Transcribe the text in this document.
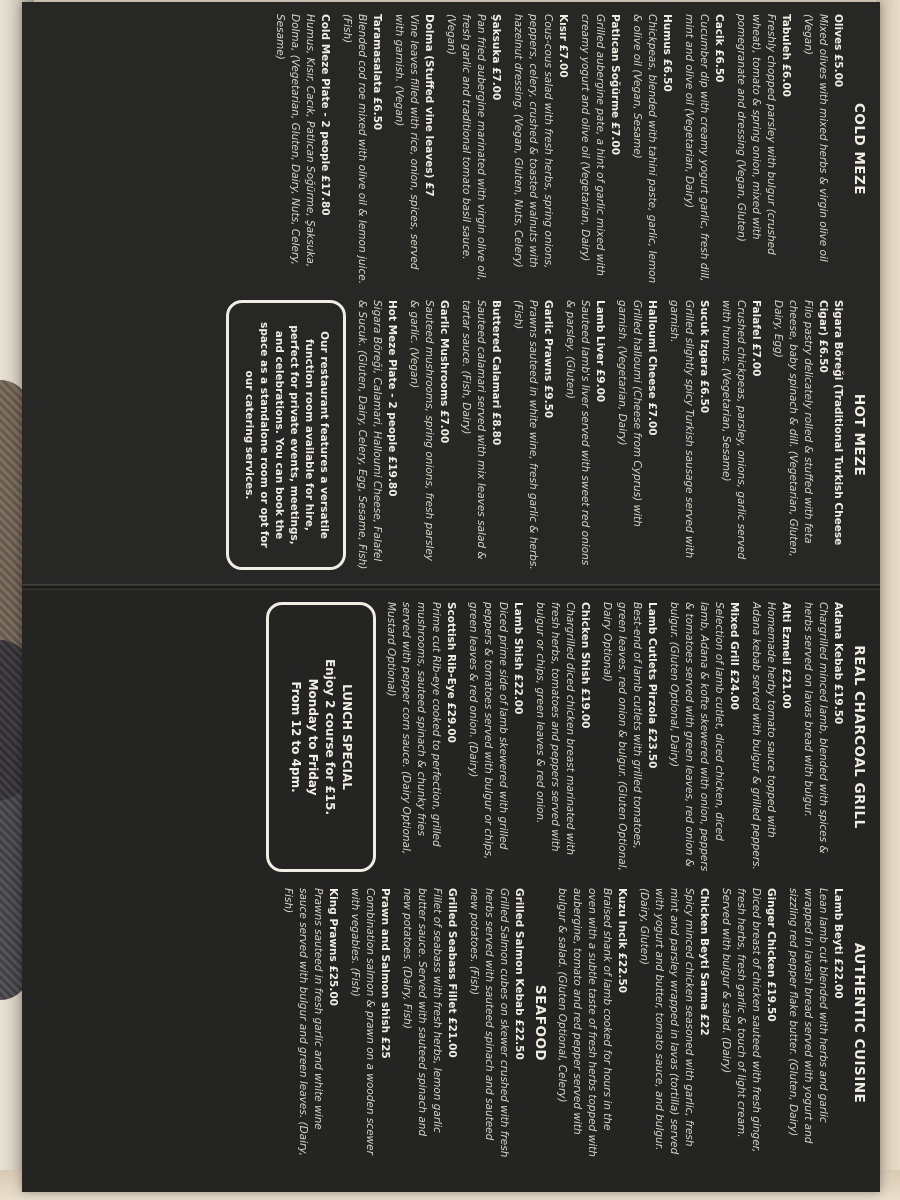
COLD MEZE
Olives £5.00
Mixed olives with mixed herbs & virgin olive oil (Vegan)
Tabuleh £6.00
Freshly chopped parsley with bulgur (crushed wheat), tomato & spring onion, mixed with pomegranate and dressing (Vegan, Gluten)
Cacik £6.50
Cucumber dip with creamy yogurt garlic, fresh dill, mint and olive oil (Vegetarian, Dairy)
Humus £6.50
Chickpeas, blended with tahini paste, garlic, lemon & olive oil (Vegan, Sesame)
Patlıcan Soğürme £7.00
Grilled aubergine pate, a hint of garlic mixed with creamy yogurt and olive oil (Vegetarian, Dairy)
Kısır £7.00
Cous-cous salad with fresh herbs, spring onions, peppers, celery, crushed & toasted walnuts with hazelnut dressing. (Vegan, Gluten, Nuts, Celery)
Şaksuka £7.00
Pan fried aubergine marinated with virgin olive oil, fresh garlic and traditional tomato basil sauce. (Vegan)
Dolma (Stuffed vine leaves) £7
Vine leaves filled with rice, onion, spices, served with garnish. (Vegan)
Taramasalata £6.50
Blended cod roe mixed with olive oil & lemon juice. (Fish)
Cold Meze Plate - 2 people £17.80
Humus, Kısır, Cacık, Patlıcan Soğürme, Şaksuka, Dolma, (Vegetarian, Gluten, Dairy, Nuts, Celery, Sesame)
HOT MEZE
Sigara Böreği (Traditional Turkish Cheese Cigar) £6.50
Filo pastry delicately rolled & stuffed with feta cheese, baby spinach & dill. (Vegetarian, Gluten, Dairy, Egg)
Falafel £7.00
Crushed chickpeas, parsley, onions, garlic served with humus. (Vegetarian, Sesame)
Sucuk Izgara £6.50
Grilled slightly spicy Turkish sausage served with garnish.
Halloumi Cheese £7.00
Grilled halloumi (Cheese from Cyprus) with garnish. (Vegetarian, Dairy)
Lamb Liver £9.00
Sauteed lamb's liver served with sweet red onions & parsley. (Gluten)
Garlic Prawns £9.50
Prawns sauteed in white wine, fresh garlic & herbs. (Fish)
Buttered Calamari £8.80
Sauteed calamari served with mix leaves salad & tartar sauce. (Fish, Dairy)
Garlic Mushrooms £7.00
Sauteed mushrooms, spring onions, fresh parsley & garlic. (Vegan)
Hot Meze Plate - 2 people £19.80
Sigara Böreği, Calamari, Halloumi Cheese, Falafel & Sucuk. (Gluten, Dairy, Celery, Egg, Sesame, Fish)
Our restaurant features a versatile function room available for hire, perfect for private events, meetings, and celebrations. You can book the space as a standalone room or opt for our catering services.
REAL CHARCOAL GRILL
Adana Kebab £19.50
Chargrilled minced lamb, blended with spices & herbs served on lavas bread with bulgur.
Alti Ezmeli £21.00
Homemade herby tomato sauce topped with Adana kebab served with bulgur & grilled peppers.
Mixed Grill £24.00
Selection of lamb cutlet, diced chicken, diced lamb, Adana & kofte skewered with onion, peppers & tomatoes served with green leaves, red onion & bulgur. (Gluten Optional, Dairy)
Lamb Cutlets Pirzola £23.50
Best-end of lamb cutlets with grilled tomatoes, green leaves, red onion & bulgur. (Gluten Optional, Dairy Optional)
Chicken Shish £19.00
Chargrilled diced chicken breast marinated with fresh herbs, tomatoes and peppers served with bulgur or chips, green leaves & red onion.
Lamb Shish £22.00
Diced prime side of lamb skewered with grilled peppers & tomatoes served with bulgur or chips, green leaves & red onion. (Dairy)
Scottish Rib-Eye £29.00
Prime cut Rib-eye cooked to perfection, grilled mushrooms, sauteed spinach & chunky fries served with pepper corn sauce. (Dairy Optional, Mustard Optional)
LUNCH SPECIAL
Enjoy 2 course for £15.
Monday to Friday
From 12 to 4pm.
AUTHENTIC CUISINE
Lamb Beyti £22.00
Lean lamb cut blended with herbs and garlic wrapped in lavash bread served with yogurt and sizzling red pepper flake butter. (Gluten, Dairy)
Ginger Chicken £19.50
Diced breast of chicken sauteed with fresh ginger, fresh herbs, fresh garlic & touch of light cream. Served with bulgur & salad. (Dairy)
Chicken Beyti Sarma £22
Spicy minced chicken seasoned with garlic, fresh mint and parsley wrapped in lavas (tortilla) served with yogurt and butter, tomato sauce, and bulgur. (Dairy, Gluten)
Kuzu Incik £22.50
Braised shank of lamb cooked for hours in the oven with a subtle taste of fresh herbs topped with aubergine, tomato and red pepper served with bulgur & salad. (Gluten Optional, Celery)
SEAFOOD
Grilled Salmon Kebab £22.50
Grilled Salmon cubes on skewer crushed with fresh herbs served with sauteed spinach and sauteed new potatoes. (Fish)
Grilled Seabass Fillet £21.00
Fillet of seabass with fresh herbs, lemon garlic butter sauce. Served with sauteed spinach and new potatoes. (Dairy, Fish)
Prawn and Salmon shish £25
Combination salmon & prawn on a wooden scewer with vegables. (Fish)
King Prawns £25.00
Prawns sauteed in fresh garlic and white wine sauce served with bulgur and green leaves. (Dairy, Fish)
